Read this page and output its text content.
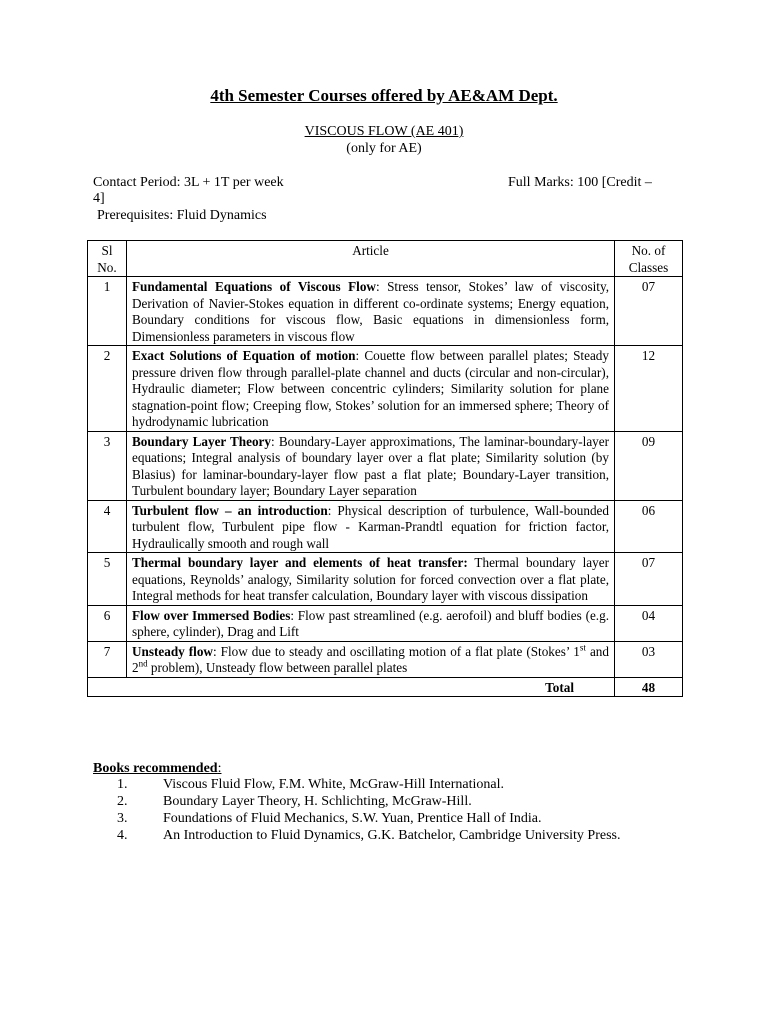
4th Semester Courses offered by AE&AM Dept.
VISCOUS FLOW (AE 401)
(only for AE)
Contact Period: 3L + 1T per week	Full Marks: 100 [Credit –
4]
Prerequisites: Fluid Dynamics
Sl No.	Article	No. of Classes
1	Fundamental Equations of Viscous Flow: Stress tensor, Stokes’ law of viscosity, Derivation of Navier-Stokes equation in different co-ordinate systems; Energy equation, Boundary conditions for viscous flow, Basic equations in dimensionless form, Dimensionless parameters in viscous flow	07
2	Exact Solutions of Equation of motion: Couette flow between parallel plates; Steady pressure driven flow through parallel-plate channel and ducts (circular and non-circular), Hydraulic diameter; Flow between concentric cylinders; Similarity solution for plane stagnation-point flow; Creeping flow, Stokes’ solution for an immersed sphere; Theory of hydrodynamic lubrication	12
3	Boundary Layer Theory: Boundary-Layer approximations, The laminar-boundary-layer equations; Integral analysis of boundary layer over a flat plate; Similarity solution (by Blasius) for laminar-boundary-layer flow past a flat plate; Boundary-Layer transition, Turbulent boundary layer; Boundary Layer separation	09
4	Turbulent flow – an introduction: Physical description of turbulence, Wall-bounded turbulent flow, Turbulent pipe flow - Karman-Prandtl equation for friction factor, Hydraulically smooth and rough wall	06
5	Thermal boundary layer and elements of heat transfer: Thermal boundary layer equations, Reynolds’ analogy, Similarity solution for forced convection over a flat plate, Integral methods for heat transfer calculation, Boundary layer with viscous dissipation	07
6	Flow over Immersed Bodies: Flow past streamlined (e.g. aerofoil) and bluff bodies (e.g. sphere, cylinder), Drag and Lift	04
7	Unsteady flow: Flow due to steady and oscillating motion of a flat plate (Stokes’ 1st and 2nd problem), Unsteady flow between parallel plates	03
Total		48
Books recommended:
1.	Viscous Fluid Flow, F.M. White, McGraw-Hill International.
2.	Boundary Layer Theory, H. Schlichting, McGraw-Hill.
3.	Foundations of Fluid Mechanics, S.W. Yuan, Prentice Hall of India.
4.	An Introduction to Fluid Dynamics, G.K. Batchelor, Cambridge University Press.
